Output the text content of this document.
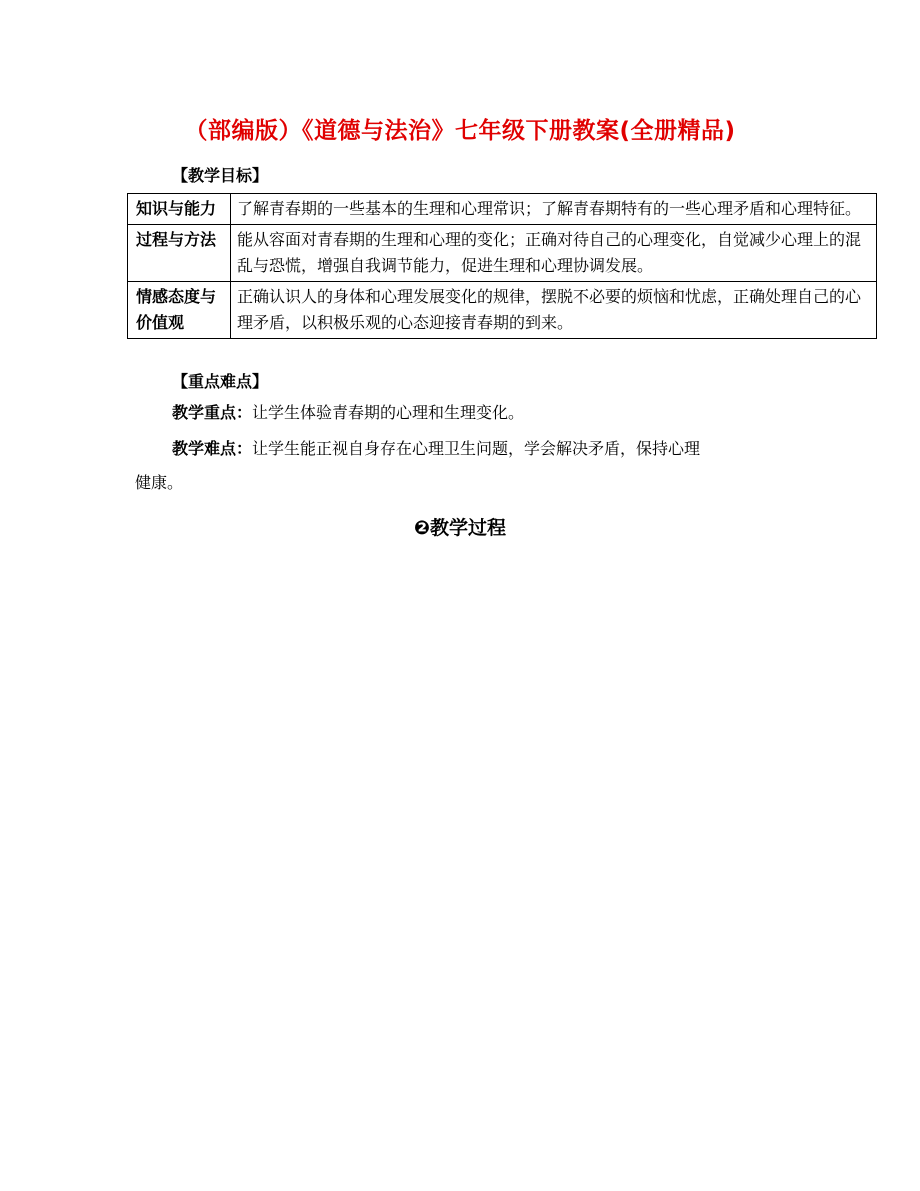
（部编版）《道德与法治》七年级下册教案(全册精品)
【教学目标】
知识与能力	了解青春期的一些基本的生理和心理常识；了解青春期特有的一些心理矛盾和心理特征。
过程与方法	能从容面对青春期的生理和心理的变化；正确对待自己的心理变化，自觉减少心理上的混乱与恐慌，增强自我调节能力，促进生理和心理协调发展。
情感态度与价值观	正确认识人的身体和心理发展变化的规律，摆脱不必要的烦恼和忧虑，正确处理自己的心理矛盾，以积极乐观的心态迎接青春期的到来。
【重点难点】
教学重点：让学生体验青春期的心理和生理变化。
教学难点：让学生能正视自身存在心理卫生问题，学会解决矛盾，保持心理
健康。
❷教学过程
